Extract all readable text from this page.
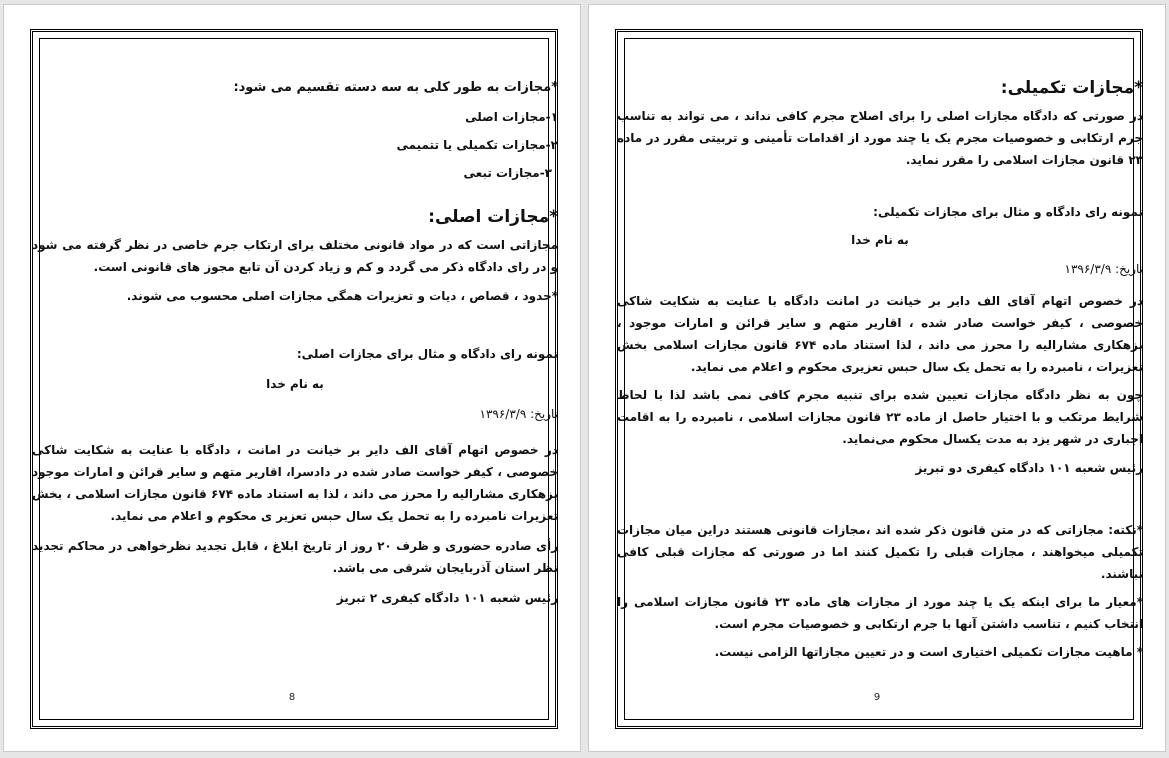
*مجازات به طور کلی به سه دسته تقسیم می شود:

۱-مجازات اصلی

۲-مجازات تکمیلی یا تتمیمی

۳-مجازات تبعی

*مجازات اصلی:

مجازاتی است که در مواد قانونی مختلف برای ارتکاب جرم خاصی در نظر گرفته می شود و در رای دادگاه ذکر می گردد و کم و زیاد کردن آن تابع مجوز های قانونی است.

*حدود ، قصاص ، دیات و تعزیرات همگی مجازات اصلی محسوب می شوند.

نمونه رای دادگاه و مثال برای مجازات اصلی:

به نام خدا

تاریخ: ۱۳۹۶/۳/۹

در خصوص اتهام آقای الف دایر بر خیانت در امانت ، دادگاه با عنایت به شکایت شاکی خصوصی ، کیفر خواست صادر شده در دادسرا، اقاریر متهم و سایر قرائن و امارات موجود بزهکاری مشارالیه را محرز می داند ، لذا به استناد ماده ۶۷۴ قانون مجازات اسلامی ، بخش تعزیرات نامبرده را به تحمل یک سال حبس تعزیر ی محکوم و اعلام می نماید.

رأی صادره حضوری و ظرف ۲۰ روز از تاریخ ابلاغ ، قابل تجدید نظرخواهی در محاکم تجدید نظر استان آذربایجان شرقی می باشد.

رئیس شعبه ۱۰۱ دادگاه کیفری ۲ تبریز

8

*مجازات تکمیلی:

در صورتی که دادگاه مجازات اصلی را برای اصلاح مجرم کافی نداند ، می تواند به تناسب جرم ارتکابی و خصوصیات مجرم یک یا چند مورد از اقدامات تأمینی و تربیتی مقرر در ماده ۲۳ قانون مجازات اسلامی را مقرر نماید.

نمونه رای دادگاه و مثال برای مجازات تکمیلی:

به نام خدا

تاریخ: ۱۳۹۶/۳/۹

در خصوص اتهام آقای الف دایر بر خیانت در امانت دادگاه با عنایت به شکایت شاکی خصوصی ، کیفر خواست صادر شده ، اقاریر متهم و سایر قرائن و امارات موجود ، بزهکاری مشارالیه را محرز می داند ، لذا استناد ماده ۶۷۴ قانون مجازات اسلامی بخش تعزیرات ، نامبرده را به تحمل یک سال حبس تعزیری محکوم و اعلام می نماید.

چون به نظر دادگاه مجازات تعیین شده برای تنبیه مجرم کافی نمی باشد لذا با لحاظ شرایط مرتکب و با اختیار حاصل از ماده ۲۳ قانون مجازات اسلامی ، نامبرده را به اقامت اجباری در شهر یزد به مدت یکسال محکوم می‌نماید.

رئیس شعبه ۱۰۱ دادگاه کیفری دو تبریز

*نکته: مجازاتی که در متن قانون ذکر شده اند ،مجازات قانونی هستند دراین میان مجازات تکمیلی میخواهند ، مجازات قبلی را تکمیل کنند اما در صورتی که مجازات قبلی کافی نباشند.

*معیار ما برای اینکه یک یا چند مورد از مجازات های ماده ۲۳ قانون مجازات اسلامی را انتخاب کنیم ، تناسب داشتن آنها با جرم ارتکابی و خصوصیات مجرم است.

* ماهیت مجازات تکمیلی اختیاری است و در تعیین مجازاتها الزامی نیست.

9
